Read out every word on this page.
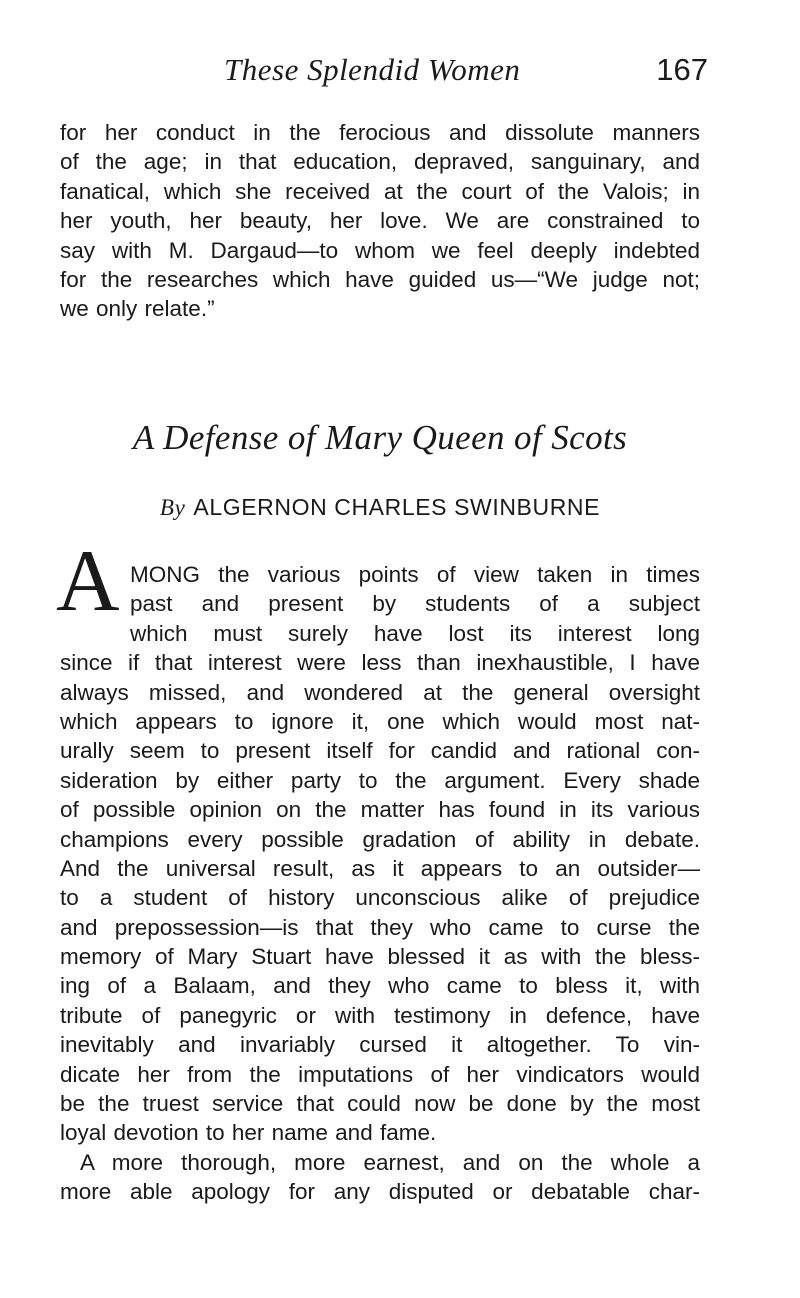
These Splendid Women	167
for her conduct in the ferocious and dissolute manners
of the age; in that education, depraved, sanguinary, and
fanatical, which she received at the court of the Valois; in
her youth, her beauty, her love. We are constrained to
say with M. Dargaud—to whom we feel deeply indebted
for the researches which have guided us—“We judge not;
we only relate.”
A Defense of Mary Queen of Scots
By ALGERNON CHARLES SWINBURNE
A MONG the various points of view taken in times
past and present by students of a subject
which must surely have lost its interest long
since if that interest were less than inexhaustible, I have
always missed, and wondered at the general oversight
which appears to ignore it, one which would most nat-
urally seem to present itself for candid and rational con-
sideration by either party to the argument. Every shade
of possible opinion on the matter has found in its various
champions every possible gradation of ability in debate.
And the universal result, as it appears to an outsider—
to a student of history unconscious alike of prejudice
and prepossession—is that they who came to curse the
memory of Mary Stuart have blessed it as with the bless-
ing of a Balaam, and they who came to bless it, with
tribute of panegyric or with testimony in defence, have
inevitably and invariably cursed it altogether. To vin-
dicate her from the imputations of her vindicators would
be the truest service that could now be done by the most
loyal devotion to her name and fame.
A more thorough, more earnest, and on the whole a
more able apology for any disputed or debatable char-
